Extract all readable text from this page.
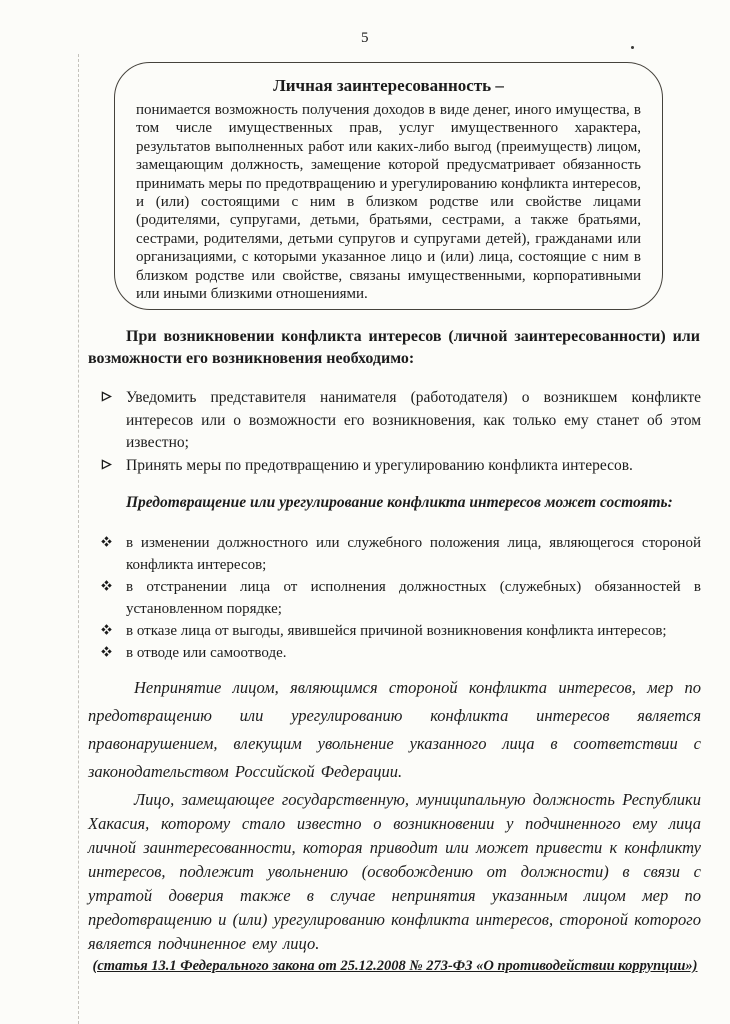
5
Личная заинтересованность –

понимается возможность получения доходов в виде денег, иного имущества, в том числе имущественных прав, услуг имущественного характера, результатов выполненных работ или каких-либо выгод (преимуществ) лицом, замещающим должность, замещение которой предусматривает обязанность принимать меры по предотвращению и урегулированию конфликта интересов, и (или) состоящими с ним в близком родстве или свойстве лицами (родителями, супругами, детьми, братьями, сестрами, а также братьями, сестрами, родителями, детьми супругов и супругами детей), гражданами или организациями, с которыми указанное лицо и (или) лица, состоящие с ним в близком родстве или свойстве, связаны имущественными, корпоративными или иными близкими отношениями.

При возникновении конфликта интересов (личной заинтересованности) или возможности его возникновения необходимо:

Уведомить представителя нанимателя (работодателя) о возникшем конфликте интересов или о возможности его возникновения, как только ему станет об этом известно;
Принять меры по предотвращению и урегулированию конфликта интересов.

Предотвращение или урегулирование конфликта интересов может состоять:

в изменении должностного или служебного положения лица, являющегося стороной конфликта интересов;
в отстранении лица от исполнения должностных (служебных) обязанностей в установленном порядке;
в отказе лица от выгоды, явившейся причиной возникновения конфликта интересов;
в отводе или самоотводе.

Непринятие лицом, являющимся стороной конфликта интересов, мер по предотвращению или урегулированию конфликта интересов является правонарушением, влекущим увольнение указанного лица в соответствии с законодательством Российской Федерации.

Лицо, замещающее государственную, муниципальную должность Республики Хакасия, которому стало известно о возникновении у подчиненного ему лица личной заинтересованности, которая приводит или может привести к конфликту интересов, подлежит увольнению (освобождению от должности) в связи с утратой доверия также в случае непринятия указанным лицом мер по предотвращению и (или) урегулированию конфликта интересов, стороной которого является подчиненное ему лицо.

(статья 13.1 Федерального закона от 25.12.2008 № 273-ФЗ «О противодействии коррупции»)
